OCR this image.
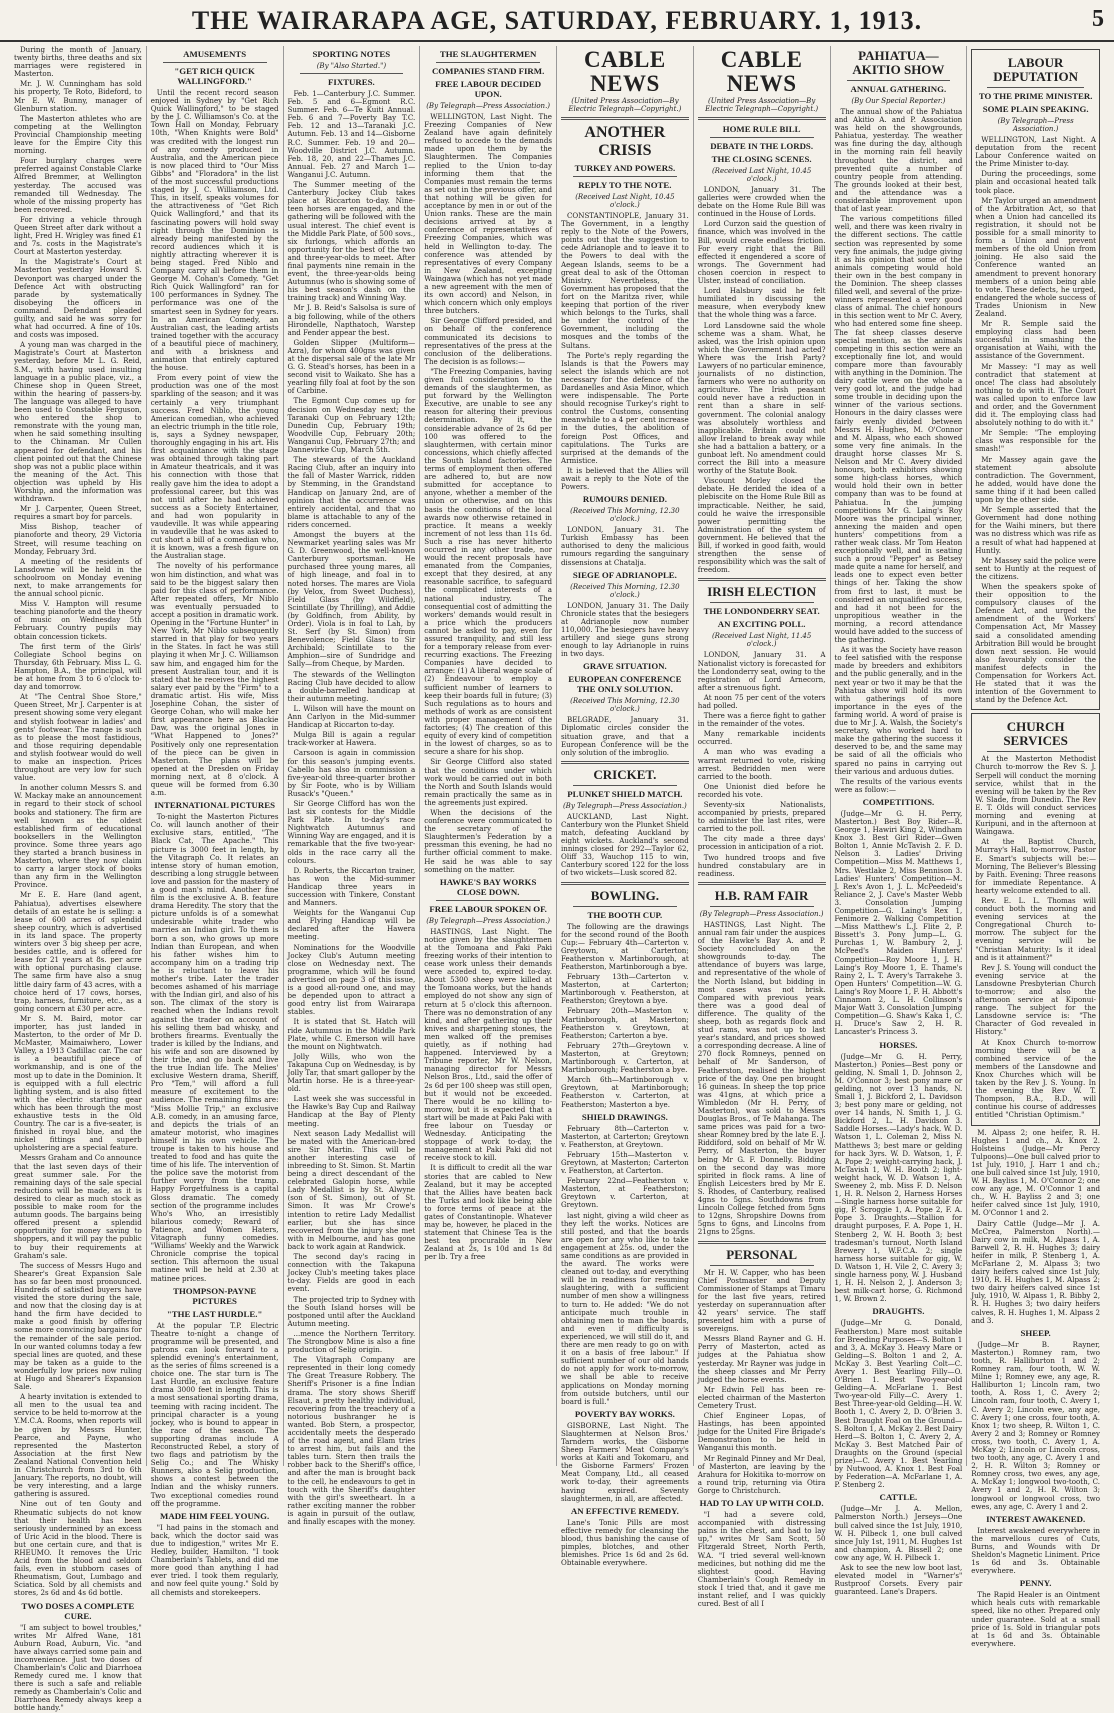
THE WAIRARAPA AGE, SATURDAY, FEBRUARY. 1, 1913.	5

During the month of January, twenty births, three deaths and six marriages were registered in Masterton.

Mr. J. W. Cunningham has sold his property, Te Roto, Bideford, to Mr E. W. Bunny, manager of Glenburn station.

The Masterton athletes who are competing at the Wellington Provincial Championship meeting leave for the Empire City this morning.

Four burglary charges were preferred against Constable Clarke Alfred Bremmer, at Wellington yesterday. The accused was remanded till Wednesday. The whole of the missing property has been recovered.

For driving a vehicle through Queen Street after dark without a light, Fred H. Wrigley was fined £1 and 7s. costs in the Magistrate's Court at Masterton yesterday.

In the Magistrate's Court at Masterton yesterday Howard S. Devonport was charged under the Defence Act with obstructing parade by systematically disobeying the officers in command. Defendant pleaded guilty, and said he was sorry for what had occurred. A fine of 10s. and costs was imposed.

A young man was charged in the Magistrate's Court at Masterton yesterday, before Mr L. G. Reid, S.M., with having used insulting language in a public place, viz., a Chinese shop in Queen Street, within the hearing of passers-by. The language was alleged to have been used to Constable Ferguson, who entered the shop to remonstrate with the young man, when he said something insulting to the Chinaman. Mr Cullen appeared for defendant, and his client pointed out that the Chinese shop was not a public place within the meaning of the Act. This objection was upheld by His Worship, and the information was withdrawn.

Mr J. Carpenter, Queen Street, requires a smart boy for parcels.

Miss Bishop, teacher of pianoforte and theory, 29 Victoria Street, will resume teaching on Monday, February 3rd.

A meeting of the residents of Lansdowne will be held in the schoolroom on Monday evening next, to make arrangements for the annual school picnic.

Miss V. Hampton will resume teaching pianoforte and the theory of music on Wednesday 5th February. Country pupils may obtain concession tickets.

The first term of the Girls' Collegiate School begins on Thursday, 6th February. Miss L. G. Hampton, B.A., the principal, will be at home from 3 to 6 o'clock to-day and tomorrow.

At "The Central Shoe Store," Queen Street, Mr J. Carpenter is at present showing some very elegant and stylish footwear in ladies' and gents' footwear. The range is such as to please the most fastidious, and those requiring dependable and stylish footwear would do well to make an inspection. Prices throughout are very low for such value.

In another column Messrs S. and W. Mackay make an announcement in regard to their stock of school books and stationery. The firm are well known as the oldest established firm of educational booksellers in the Wellington province. Some three years ago they started a branch business in Masterton, where they now claim to carry a larger stock of books than any firm in the Wellington Province.

Mr E. E. Hare (land agent, Pahiatua), advertises elsewhere details of an estate he is selling: a lease of 600 acres of splendid sheep country, which is advertised in its land space. The property winters over 3 big sheep per acre, besides cattle, and is offered for lease for 21 years at 8s. per acre with optional purchasing clause. The same firm have also a snug little dairy farm of 43 acres, with a choice herd of 17 cows, horses, trap, harness, furniture, etc., as a going concern at £30 per acre.

Mr S. M. Baird, motor car importer, has just landed in Masterton, to the order of Mr D. McMaster, Maimaiwhero, Lower Valley, a 1913 Cadillac car. The car is a beautiful piece of workmanship, and is one of the most up to date in the Dominion. It is equipped with a full electric lighting system, and is also fitted with the electric starting gear which has been through the most exhaustive tests in the Old Country. The car is a five-seater, is finished in royal blue, and the nickel fittings and superb upholstering are a special feature.

Messrs Graham and Co announce that the last seven days of their great summer sale. For the remaining days of the sale special reductions will be made, as it is desired to clear as much stock as possible to make room for the autumn goods. The bargains being offered present a splendid opportunity for money saving to shoppers, and it will pay the public to buy their requirements at Graham's sale.

The success of Messrs Hugo and Shearer's Great Expansion Sale has so far been most pronounced. Hundreds of satisfied buyers have visited the store during the sale, and now that the closing day is at hand the firm have decided to make a good finish by offering some more convincing bargains for the remainder of the sale period. In our wanted columns today a few special lines are quoted, and these may be taken as a guide to the wonderfully low prices now ruling at Hugo and Shearer's Expansion Sale.

A hearty invitation is extended to all men to the usual tea and service to be held to-morrow at the Y.M.C.A. Rooms, when reports will be given by Messrs Hunter, Pearce, and Payne, who represented the Masterton Association at the first New Zealand National Convention held in Christchurch from 3rd to 6th January. The reports, no doubt, will be very interesting, and a large gathering is assured.

Nine out of ten Gouty and Rheumatic subjects do not know that their health has been seriously undermined by an excess of Uric Acid in the blood. There is but one certain cure, and that is RHEUMO. It removes the Uric Acid from the blood and seldom fails, even in stubborn cases of Rheumatism, Gout, Lumbago and Sciatica. Sold by all chemists and stores, 2s 6d and 4s 6d bottle.

TWO DOSES A COMPLETE CURE.

"I am subject to bowel troubles," writes Mr Alfred Wane, 181 Auburn Road, Auburn, Vic. "and have always carried some pain and inconvenience. Just two doses of Chamberlain's Colic and Diarrhoea Remedy cured me. I know that there is such a safe and reliable remedy as Chamberlain's Colic and Diarrhoea Remedy always keep a bottle handy."

AMUSEMENTS
"GET RICH QUICK WALLINGFORD."

Until the recent record season enjoyed in Sydney by "Get Rich Quick Wallingford," to be staged by the J. C. Williamson's Co. at the Town Hall on Monday, February 10th, "When Knights were Bold" was credited with the longest run of any comedy produced in Australia, and the American piece is now placed third to "Our Miss Gibbs" and "Floradora" in the list of the most successful productions staged by J. C. Williamson, Ltd. This, in itself, speaks volumes for the attractiveness of "Get Rich Quick Wallingford," and that its fascinating powers will hold sway right through the Dominion is already being manifested by the record audiences which it is nightly attracting wherever it is being staged. Fred Niblo and Company carry all before them in George M. Cohan's Comedy. "Get Rich Quick Wallingford" ran for 100 performances in Sydney. The performance was one of the smartest seen in Sydney for years. In an American Comedy, an Australian cast, the leading artists trained together with the accuracy of a beautiful piece of machinery, and with a briskness and animation that entirely captured the house.

From every point of view the production was one of the most sparkling of the season; and it was certainly a very triumphant success. Fred Niblo, the young American comedian, who achieved an electric triumph in the title role, is, says a Sydney newspaper, thoroughly engaging in his art. His first acquaintance with the stage was obtained through taking part in Amateur theatricals, and it was his connection with those that really gave him the idea to adopt a professional career, but this was not until after he had achieved success as a Society Entertainer, and had won popularity in vaudeville. It was while appearing in vaudeville that he was asked to cut short a bill of a comedian who, it is known, was a fresh figure on the Australian stage.

The novelty of his performance won him distinction, and what was said to be the biggest salary then paid for this class of performance. After repeated offers, Mr Niblo was eventually persuaded to accept a position in dramatic work. Opening in the "Fortune Hunter" in New York, Mr Niblo subsequently starred in that play for two years in the States. In fact he was still playing it when Mr J. C. Williamson saw him, and engaged him for the present Australian tour, and it is stated that he receives the highest salary ever paid by the "Firm" to a dramatic artist. His wife, Miss Josephine Cohan, the sister of George Cohan, who will make her first appearance here as Blackie Daw, was the original Jones in "What Happened to Jones?" Positively only one representation of the piece can be given in Masterton. The plans will be opened at the Dresden on Friday morning next, at 8 o'clock. A queue will be formed from 6.30 a.m.

INTERNATIONAL PICTURES

To-night the Masterton Pictures Co. will launch another of their exclusive stars, entitled, "The Black Cat, The Apache." This picture is 3000 feet in length, by the Vitagraph Co. It relates an intense story of human emotion, describing a long struggle between love and passion for the mastery of a good man's mind. Another fine film is the exclusive A. B. feature drama Heredity. The story that the picture unfolds is of a somewhat undesirable white trader who marries an Indian girl. To them is born a son, who grows up more Indian than European, and when his father wishes him to accompany him on a trading trip he is reluctant to leave his mother's tribe. Later the trader becomes ashamed of his marriage with the Indian girl, and also of his son. The climax of the story is reached when the Indians revolt against the trader on account of his selling them bad whisky, and brothers firearms. Eventually the trader is killed by the Indians, and his wife and son are disowned by their tribe, and go back and live the true Indian life. The Melies' exclusive Western drama, Sheriff, Pro "Tem," will afford a full measure of excitement to the audience. The remaining films are: "Miss Mollie Trip," an exclusive A.B. comedy, in an amusing farce, and depicts the trials of an amateur motorist, who imagines himself in his own vehicle. The troupe is taken to his house and treated to food and has quite the time of his life. The intervention of the police save the motorist from further worry from the tramp. Happy Forgetfulness is a capital Gloss dramatic. The comedy section of the programme includes Who's Who, an irresistibly hilarious comedy; Reward of Patience, and Women Haters, Vitagraph funny comedies. "Williams' Weekly and the Warwick Chronicle comprise the topical section. This afternoon the usual matinee will be held at 2.30 at matinee prices.

THOMPSON-PAYNE PICTURES
"THE LAST HURDLE."

At the popular T.P. Electric Theatre to-night a change of programme will be presented, and patrons can look forward to a splendid evening's entertainment, as the series of films screened is a choice one. The star turn is The Last Hurdle, an exclusive feature drama 3000 feet in length. This is a most sensational sporting drama, teeming with racing incident. The principal character is a young jockey, who is bound to appear in the race of the season. The supporting dramas include A Reconstructed Rebel, a story of two flags and patriotism by the Selig Co.; and The Whisky Runners, also a Selig production, shows a contest between the Indian and the whisky runners. Two exceptional comedies round off the programme.

MADE HIM FEEL YOUNG.

"I had pains in the stomach and back, which the doctor said was due to indigestion," writes Mr E. Hedley, builder, Hamilton. "I took Chamberlain's Tablets, and did me more good than anything I had ever tried. I took them regularly, and now feel quite young." Sold by all chemists and storekeepers.

SPORTING NOTES
(By "Also Started.")
FIXTURES.

Feb. 1—Canterbury J.C. Summer. Feb. 5 and 6—Egmont R.C. Summer. Feb. 6—Te Kuiti Annual. Feb. 6 and 7—Poverty Bay T.C. Feb. 12 and 13—Taranaki J.C. Autumn. Feb. 13 and 14—Gisborne R.C. Summer. Feb. 19 and 20—Woodville District J.C. Autumn. Feb. 18, 20, and 22—Thames J.C. Annual. Feb. 27 and March 1—Wanganui J.C. Autumn.

The Summer meeting of the Canterbury Jockey Club takes place at Riccarton to-day. Nine-teen horses are engaged, and the gathering will be followed with the usual interest. The chief event is the Middle Park Plate, of 500 sovs., six furlongs, which affords an opportunity for the best of the two and three-year-olds to meet. After final payments nine remain in the event, the three-year-olds being Autumnus (who is showing some of his best season's dash on the training track) and Winning Way.

Mr J. B. Reid's Salsolsa is sure of a big following, while of the others Hirondelle, Napthatoch, Warstep and Fender appear the best.

Golden Slipper (Multiform—Azra), for whom 400gns was given at the dispersal sale of the late Mr G. G. Stead's horses, has been in a second visit to Waikato. She has a yearling filly foal at foot by the son of Carbine.

The Egmont Cup comes up for decision on Wednesday next; the Taranaki Cup on February 12th; Dunedin Cup, February 19th; Woodville Cup, February 20th; Wanganui Cup, February 27th; and Dannevirke Cup, March 5th.

The stewards of the Auckland Racing Club, after an inquiry into the fall of Master Warrick, ridden by Stemming, in the Grandstand Handicap on January 2nd, are of opinion that the occurrence was entirely accidental, and that no blame is attachable to any of the riders concerned.

Amongst the buyers at the Newmarket yearling sales was Mr G. D. Greenwood, the well-known Canterbury sportsman. He purchased three young mares, all of high lineage, and foal in to noted horses. The mares are Viola (by Velox, from Sweet Duchess), Field Glass (by Wildfield), Scintillate (by Thrilling), and Addie (by Goldfinch, from Ability, by Order). Viola is in foal to Lah, by St. Serf (by St. Simon) from Benevolence; Field Glass to Sir Archibald; Scintillate to the Amphion—sire of Sundridge and Sally—from Cheque, by Marden.

The stewards of the Wellington Racing Club have decided to allow a double-barrelled handicap at their autumn meeting.

L. Wilson will have the mount on Ann Carlyon in the Mid-summer Handicap at Riccarton to-day.

Mulga Bill is again a regular track-worker at Hawera.

Carsoon is again in commission for this season's jumping events. Cabello has also in commission a five-year-old three-quarter brother by Sir Foote, who is by William Rusack's "Queen."

Sir George Clifford has won the last six contests for the Middle Park Plate. In to-day's race Nightwatch Autumnus and Winning Way are engaged, and it is remarkable that the five two-year-olds in the race carry all the colours.

D. Roberts, the Riccarton trainer, has won the Mid-summer Handicap three years in succession with Tinkere, Constant and Manners.

Weights for the Wanganui Cup and Flying Handicap will be declared after the Hawera meeting.

Nominations for the Woodville Jockey Club's Autumn meeting close on Wednesday next. The programme, which will be found advertised on page 3 of this issue, is a good all-round one, and may be depended upon to attract a good entry list from Wairarapa stables.

It is stated that St. Hatch will ride Autumnus in the Middle Park Plate, while C. Emerson will have the mount on Nightwatch.

Jolly Wills, who won the Takapuna Cup on Wednesday, is by Jolly Tar, that smart galloper by the Martin horse. He is a three-year-old.

Last week she was successful in the Hawke's Bay Cup and Railway Handicap at the Bay of Plenty meeting.

Next season Lady Medallist will be mated with the American-bred sire Sir Martin. This will be another interesting case of inbreeding to St. Simon. St. Martin being a direct descendant of the celebrated Galopin horse, while Lady Medallist is by St. Alwyne (son of St. Simon), out of St. Simon. It was Mr Crowe's intention to retire Lady Medallist earlier, but she has since recovered from the injury she met with in Melbourne, and has gone back to work again at Randwick.

The second day's racing in connection with the Takapuna Jockey Club's meeting takes place to-day. Fields are good in each event.

The projected trip to Sydney with the South Island horses will be postponed until after the Auckland Autumn meeting.

...mence the Northern Territory. The Strongbow Mine is also a fine production of Selig origin.

The Vitagraph Company are represented in their long comedy The Great Treasure Robbery. The Sheriff's Prisoner is a fine Indian drama. The story shows Sheriff Elsaut, a pretty healthy individual, recovering from the treachery of a notorious bushranger he is wanted. Bob Stern, a prospector, accidentally meets the desperado of the road agent, and Elam tries to arrest him, but fails and the tables turn. Stern then trails the robber back to the Sheriff's office, and after the man is brought back to the cell, he endeavours to get in touch with the Sheriff's daughter with the girl's sweetheart. In a rather exciting manner the robber is again in pursuit of the outlaw, and finally escapes with the money.

THE SLAUGHTERMEN
COMPANIES STAND FIRM.
FREE LABOUR DECIDED UPON.
(By Telegraph—Press Association.)

WELLINGTON, Last Night. The Freezing Companies of New Zealand have again definitely refused to accede to the demands made upon them by the Slaughtermen. The Companies replied to the Union to-day informing them that the Companies must remain the terms as set out in the previous offer, and that nothing will be given for acceptance by men in or out of the Union ranks. These are the main decisions arrived at by a conference of representatives of Freezing Companies, which was held in Wellington to-day. The conference was attended by representatives of every Company in New Zealand, excepting Waingawa (which has not yet made a new agreement with the men of its own accord) and Nelson, in which concern which only employs three butchers.

Sir George Clifford presided, and on behalf of the conference communicated its decisions to representatives of the press at the conclusion of the deliberations. The decision is as follows:—

"The Freezing Companies, having given full consideration to the demands of the slaughtermen, as put forward by the Wellington Executive, are unable to see any reason for altering their previous determination. By it, the considerable advance of 2s 6d per 100 was offered to the slaughtermen, with certain minor concessions, which chiefly affected the South Island factories. The terms of employment then offered are adhered to, but are now submitted for acceptance to anyone, whether a member of the union or otherwise, and on this basis the conditions of the local awards now otherwise retained in practice. It means a weekly increment of not less than 11s 6d. Such a rise has never hitherto occurred in any other trade, nor would the recent proposals have emanated from the Companies, except that they desired, at any reasonable sacrifice, to safeguard the complicated interests of a national industry. The consequential cost of admitting the workers' demands would result in a price which the producers cannot be asked to pay, even for assured tranquility, and still less for a temporary release from ever-recurring exactions. The Freezing Companies have decided to arrange: (1) A liberal wage scale of (2) Endeavour to employ a sufficient number of learners to keep their boards full in future; (3) Such regulations as to hours and methods of work as are consistent with proper management of the factories; (4) The creation of this equity of every kind of competition in the lowest of charges, so as to secure a share for his shop.

Sir George Clifford also stated that the conditions under which work would be carried out in both the North and South Islands would remain practically the same as in the agreements just expired.

When the decisions of the conference were communicated to the secretary of the Slaughtermen's Federation by a pressman this evening, he had no further official comment to make. He said he was able to say something on the matter.

HAWKE'S BAY WORKS CLOSE DOWN.
FREE LABOUR SPOKEN OF.
(By Telegraph—Press Association.)

HASTINGS, Last Night. The notice given by the slaughtermen at the Tomoana and Paki Paki freezing works of their intention to cease work unless their demands were acceded to, expired to-day. About 5300 sheep were killed at the Tomoana works, but the hands employed do not show any sign of return at 5 o'clock this afternoon. There was no demonstration of any kind, and after gathering up their knives and sharpening stones, the men walked off the premises quietly, as if nothing had happened. Interviewed by a Tribune reporter, Mr W. Nelson, managing director for Messrs Nelson Bros., Ltd., said the offer of 2s 6d per 100 sheep was still open, but it would not be exceeded. There would be no killing to-morrow, but it is expected that a start will be made at Paki Paki with free labour on Tuesday or Wednesday. Anticipating the stoppage of work to-day, the management at Paki Paki did not receive stock to kill.

It is difficult to credit all the war stories that are cabled to New Zealand, but it may be accepted that the Allies have beaten back the Turks and look like being able to force terms of peace at the gates of Constantinople. Whatever may be, however, he placed in the statement that Chinese Tea is the best tea procurable in New Zealand at 2s, 1s 10d and 1s 8d per lb. Try a free

CABLE NEWS
(United Press Association—By Electric Telegraph—Copyright.)
ANOTHER CRISIS
TURKEY AND POWERS.
REPLY TO THE NOTE.
(Received Last Night, 10.45 o'clock.)

CONSTANTINOPLE, January 31. The Government, in a lengthy reply to the Note of the Powers, points out that the suggestion to cede Adrianople and to leave it to the Powers to deal with the Aegean Islands, seems to be a great deal to ask of the Ottoman Ministry. Nevertheless, the Government has proposed that the fort on the Maritza river, while keeping that portion of the river which belongs to the Turks, shall be under the control of the Government, including the mosques and the tombs of the Sultans.

The Porte's reply regarding the Islands is that the Powers may select the islands which are not necessary for the defence of the Dardanelles and Asia Minor, which were indispensable. The Porte should recognise Turkey's right to control the Customs, consenting meanwhile to a 4 per cent increase in the duties, the abolition of foreign Post Offices, and capitulations. The Turks are surprised at the demands of the Armistice.

It is believed that the Allies will await a reply to the Note of the Powers.

RUMOURS DENIED.
(Received This Morning, 12.30 o'clock.)

LONDON, January 31. The Turkish Embassy has been authorised to deny the malicious rumours regarding the sanguinary dissensions at Chatalja.

SIEGE OF ADRIANOPLE.
(Received This Morning, 12.30 o'clock.)

LONDON, January 31. The Daily Chronicle states that the besiegers at Adrianople now number 110,000. The besiegers have heavy artillery and siege guns strong enough to lay Adrianople in ruins in two days.

GRAVE SITUATION.
EUROPEAN CONFERENCE THE ONLY SOLUTION.
(Received This Morning, 12.30 o'clock.)

BELGRADE, January 31. Diplomatic circles consider the situation grave, and that a European Conference will be the only solution of the imbroglio.

CRICKET.
PLUNKET SHIELD MATCH.
(By Telegraph—Press Association.)

AUCKLAND, Last Night. Canterbury won the Plunket Shield match, defeating Auckland by eight wickets. Auckland's second innings closed for 292—Taylor 62, Oliff 33, Wauchop 115 to win, Canterbury scored 122 for the loss of two wickets—Lusk scored 82.

BOWLING.
THE BOOTH CUP.

The following are the drawings for the second round of the Booth Cup:— February 4th—Carterton v. Greytown, at Carterton; Featherston v. Martinborough, at Featherston, Martinborough a bye.

February 13th—Carterton v. Masterton, at Carterton; Martinborough v. Featherston, at Featherston; Greytown a bye.

February 20th—Masterton v. Martinborough, at Masterton; Featherston v. Greytown, at Featherston; Carterton a bye.

February 27th—Greytown v. Masterton, at Greytown; Martinborough v. Carterton, at Martinborough; Featherston a bye.

March 6th—Martinborough v. Greytown, at Martinborough; Featherston v. Carterton, at Featherston; Masterton a bye.

SHIELD DRAWINGS.

February 8th—Carterton v. Masterton, at Carterton; Greytown v. Featherston, at Greytown.

February 15th—Masterton v. Greytown, at Masterton; Carterton v. Featherston, at Carterton.

February 22nd—Featherston v. Masterton, at Featherston; Greytown v. Carterton, at Greytown.

last night, giving a wild cheer as they left the works. Notices are still posted, and that the boards are open for any who like to take engagement at 25s. od, under the same conditions as are provided in the award. The works were cleaned out to-day, and everything will be in readiness for resuming slaughtering, with a sufficient number of men show a willingness to turn to. He added: "We do not anticipate much trouble in obtaining men to man the boards, and even if difficulty is experienced, we will still do it, and there are men ready to go on with it on a basis of free labour." If sufficient number of our old hands do not apply for work to-morrow, we shall be able to receive applications on Monday morning from outside butchers, until our board is full."

POVERTY BAY WORKS.

GISBORNE, Last Night. The Slaughtermen at Nelson Bros.' Tarndern works, the Gisborne Sheep Farmers' Meat Company's works at Kaiti and Tokomaru, and the Gisborne Farmers' Frozen Meat Company, Ltd., all ceased work to-day, their agreements having expired. Seventy slaughtermen, in all, are affected.

AN EFFECTIVE REMEDY.

Lane's Tonic Pills are most effective remedy for cleansing the blood, thus banishing the cause of pimples, blotches, and other blemishes. Price 1s 6d and 2s 6d. Obtainable everywhere.

CABLE NEWS
(United Press Association—By Electric Telegraph—Copyright.)
HOME RULE BILL
DEBATE IN THE LORDS.
THE CLOSING SCENES.
(Received Last Night, 10.45 o'clock.)

LONDON, January 31. The galleries were crowded when the debate on the Home Rule Bill was continued in the House of Lords.

Lord Curzon said the question of finance, which was involved in the Bill, would create endless friction. For every right that the Bill effected it engendered a score of wrongs. The Government had chosen coercion in respect to Ulster, instead of conciliation.

Lord Halsbury said he felt humiliated in discussing the measure, when everybody knew that the whole thing was a farce.

Lord Lansdowne said the whole scheme was a sham. What, he asked, was the Irish opinion upon which the Government had acted? Where was the Irish Party? Lawyers of no particular eminence, journalists of no distinction, farmers who were no authority on agriculture. The Irish peasant could never have a reduction in rent than a share in self-government. The colonial analogy was absolutely worthless and inapplicable. Britain could not allow Ireland to break away while she had a battalion a battery, or a gunboat left. No amendment could correct the Bill into a measure worthy of the Statute Book.

Viscount Morley closed the debate. He derided the idea of a plebiscite on the Home Rule Bill as impracticable. Neither, he said, could he waive the irresponsible power permitting the Administration of the system of government. He believed that the Bill, if worked in good faith, would strengthen the sense of responsibility which was the salt of freedom.

IRISH ELECTION
THE LONDONDERRY SEAT.
AN EXCITING POLL.
(Received Last Night, 11.45 o'clock.)

LONDON, January 31. A Nationalist victory is forecasted for the Londonderry seat, owing to the registration of Lord Arnecorn, after a strenuous fight.

At noon 75 per cent of the voters had polled.

There was a fierce fight to gather in the remainder of the votes.

Many remarkable incidents occurred.

A man who was evading a warrant returned to vote, risking arrest. Bedridden men were carried to the booth.

One Unionist died before he recorded his vote.

Seventy-six Nationalists, accompanied by priests, prepared to administer the last rites, were carried to the poll.

The city made a three days' procession in anticipation of a riot.

Two hundred troops and five hundred constabulary are in readiness.

H.B. RAM FAIR
(By Telegraph—Press Association.)

HASTINGS, Last Night. The annual ram fair under the auspices of the Hawke's Bay A. and P. Society concluded on the showgrounds to-day. The attendance of buyers was large, and representative of the whole of the North Island, but bidding in most cases was not brisk. Compared with previous years there was a good deal of difference. The quality of the sheep, both as regards flock and stud rams, was not up to last year's standard, and prices showed a corresponding decrease. A line of 270 flock Romneys, penned on behalf of Mr Sanderson, of Featherston, realised the highest price of the day. One pen brought 16 guineas. In sheep the top price was 41gns, at which price a Wimbledon (Mr H. Perry, of Masterton), was sold to Messrs Douglas Bros., of Te Mahanga. The same prices was paid for a two-shear Romney bred by the late E. J. Riddiford, sold on behalf of Mr W. Perry, of Masterton, the buyer being Mr G. F. Donnelly. Bidding on the second day was more spirited in flock rams. A line of English Leicesters bred by Mr E. S. Rhodes, of Canterbury, realised 4gns to 5gns. Southdowns from Lincoln College fetched from 5gns to 12gns, Shropshire Downs from 5gns to 6gns, and Lincolns from 21gns to 25gns.

PERSONAL

Mr H. W. Capper, who has been Chief Postmaster and Deputy Commissioner of Stamps at Timaru for the last five years, retired yesterday on superannuation after 42 years' service. The staff presented him with a purse of sovereigns.

Messrs Bland Rayner and G. H. Perry of Masterton, acted as judges at the Pahiatua show yesterday. Mr Rayner was judge in the sheep classes and Mr Perry judged the horse events.

Mr Edwin Fell has been re-elected chairman of the Masterton Cemetery Trust.

Chief Engineer Lopas, of Hastings, has been appointed judge for the United Fire Brigade's Demonstration to be held in Wanganui this month.

Mr Reginald Pinney and Mr Deal, of Masterton, are leaving by the Arahura for Hokitika to-morrow on a round trip, returning via Otira Gorge to Christchurch.

HAD TO LAY UP WITH COLD.

"I had a severe cold, accompanied with distressing pains in the chest, and had to lay up," writes Mr Sam Scott, 50 Fitzgerald Street, North Perth, W.A. "I tried several well-known medicines, but nothing did me the slightest good. Having Chamberlain's Cough Remedy in stock I tried that, and it gave me instant relief, and I was quickly cured. Best of all I

PAHIATUA—AKITIO SHOW
ANNUAL GATHERING.
(By Our Special Reporter.)

The annual show of the Pahiatua and Akitio A. and P. Association was held on the showgrounds, Pahiatua, yesterday. The weather was fine during the day, although in the morning rain fell heavily throughout the district, and prevented quite a number of country people from attending. The grounds looked at their best, and the attendance was a considerable improvement upon that of last year.

The various competitions filled well, and there was keen rivalry in the different sections. The cattle section was represented by some very fine animals, the judge giving it as his opinion that some of the animals competing would hold their own in the best company in the Dominion. The sheep classes filled well, and several of the prize-winners represented a very good class of animal. The chief honours in this section went to Mr C. Avery, who had entered some fine sheep. The fat sheep classes deserve special mention, as the animals competing in this section were an exceptionally fine lot, and would compare more than favourably with anything in the Dominion. The dairy cattle were on the whole a very good lot, and the judge had some trouble in deciding upon the winner of the various sections. Honours in the dairy classes were fairly evenly divided between Messrs H. Hughes, M. O'Connor and M. Alpass, who each showed some very fine animals. In the draught horse classes Mr S. Nelson and Mr C. Avery divided honours, both exhibitors showing some high-class horses, which would hold their own in better company than was to be found at Pahiatua. In the jumping competitions Mr G. Laing's Roy Moore was the principal winner, annexing the maiden and open hunters' competitions from a rather weak class. Mr Tom Heaton exceptionally well, and in seating such a proud "Pepper" as Betsey made quite a name for herself, and leads one to expect even better things of her. Taking the show from first to last, it must be considered an unqualified success, and had it not been for the unpropitious weather in the morning, a record attendance would have added to the success of the gathering.

As it was the Society have reason to feel satisfied with the response made by breeders and exhibitors and the public generally, and in the next year or two it may be that the Pahiatua show will hold its own with gatherings of more importance in the eyes of the farming world. A word of praise is due to Mr J. A. Walsh, the Society's secretary, who worked hard to make the gathering the success it deserved to be, and the same may be said of all the officials who spared no pains in carrying out their various and arduous duties.

The results of the various events were as follow:—

COMPETITIONS.

(Judge—Mr G. H. Perry, Masterton.) Best Boy Rider—R. George 1, Hawiri King 2, Windham Knox 3. Best Girl Rider—Gwen Bolton 1, Annie McTavish 2. F. D. Nelson 3. Ladies' Driving Competition—Miss M. Matthews 1, Mrs. Westlake 2, Miss Bennison 3. Ladies' Hunters' Competition—M. J. Rex's Avon 1, J. L. McPeedeid's Reliance 2, J. Cave's Master Webb 3. Consolation Jumping Competition—G. Laing's Rex 1, Fenimore 2. Walking Competition—Miss Matthew's L.J. Flite 2, P. Bissett's 3. Pony Jump—L. G. Purchas 1, W. Bambury 2, J. McPeed's Maiden Hunters' Competition—Roy Moore 1, J. H. Laing's Roy Moore 1, E. Thame's Rainy 2, L. T. Avery's Tarrakehe 3. Open Hunters' Competition—W. G. Laing's Roy Moore 1, F. H. Abbott's Cinnamon 2, L. H. Collinson's Major Watt 3. Consolation Jumping Competition—G. Shaw's Kaka 1, C. H. Druce's Saw 2, H. R. Lancaster's Princess 3.

HORSES.

(Judge—Mr G. H. Perry, Masterton.) Ponies—Best pony or gelding, N. Small 1, D. Johnson 2, M. O'Connor 3; best pony mare or gelding, not over 13 hands, N. Small 1, J. Bickford 2, L. Davidson 3; best pony mare or gelding, not over 14 hands, N. Smith 1, J. G. Bickford 2, L. H. Davidson 3. Saddle Horses.—Lady's hack, W. D. Watson 1, L. Coleman 2, Miss N. Matthews 3; best mare or gelding for hack 3yrs. W. D. Watson, 1, F. A. Pope 2; weight-carrying hack, J. McTavish 1, W. H. Booth 2; light-weight hack, W. D. Watson 1, A. Sweeney 2, mb. Miss F. D. Nelson 1, H. R. Nelson 2, Harness Horses—Single harness horse suitable for gig, P. Scroggie 1, A. Pope 2, F. A. Pope 3. Draughts.—Stallion for draught purposes, F. A. Pope 1, H. Stenberg 2, W. H. Booth 3; best tradesman's turnout, North Island Brewery 1, W.F.C.A. 2; single harness horse suitable for gig, W. D. Watson 1, H. Vile 2, C. Avery 3; single harness pony, W. J. Husband 1, H. H. Nelson 2, J. Anderson 3; best milk-cart horse, G. Richmond 1, W. Brown 2.

DRAUGHTS.

(Judge—Mr G. Donald, Featherston.) Mare most suitable for Breeding Purposes—S. Bolton 1 and 3, A. McKay 3. Heavy Mare or Gelding—S. Bolton 1 and 2, A. McKay 3. Best Yearling Colt—C. Avery 1. Best Yearling Filly—O. O'Brien 1. Best Two-year-old Gelding—A. McFarlane 1. Best Two-year-old Filly—C. Avery 1. Best Three-year-old Gelding—H. W. Booth 1, C. Avery 2, D. O'Brien 3. Best Draught Foal on the Ground—S. Bolton 1, A. McKay 2. Best Dairy Herd—S. Bolton 1, C. Avery 2, A. McKay 3. Best Matched Pair of Draughts on the Ground (special prize)—C. Avery 1. Best Yearling by Nutwood, A. Knox 1. Best Foal by Federation—A. McFarlane 1, A. P. Stenberg 2.

CATTLE.

(Judge—Mr J. A. Mellon, Palmerston North.) Jerseys—One bull calved since the 1st July, 1910, W. H. Pilbeck 1, one bull calved since July 1st, 1911, M. Hughes 1st and champion, A. Bissell 2; one cow any age, W. H. Pilbeck 1.

Ask to see the new low boot last, elevated model in "Warner's" Rustproof Corsets. Every pair guaranteed. Lane's Drapers.

LABOUR DEPUTATION
TO THE PRIME MINISTER.
SOME PLAIN SPEAKING.
(By Telegraph—Press Association.)

WELLINGTON, Last Night. A deputation from the recent Labour Conference waited on the Prime Minister to-day.

During the proceedings, some plain and occasional heated talk took place.

Mr Taylor urged an amendment of the Arbitration Act, so that when a Union had cancelled its registration, it should not be possible for a small minority to form a Union and prevent members of the old Union from joining. He also said the Conference wanted an amendment to prevent honorary members of a union being able to vote. These defects, he urged, endangered the whole success of Trades Unionism in New Zealand.

Mr R. Semple said the employing class had been successful in smashing the organisation at Waihi, with the assistance of the Government.

Mr Massey: "I may as well contradict that statement at once! The class had absolutely nothing to do with it. The Court was called upon to enforce law and order, and the Government did it. The employing class had absolutely nothing to do with it."

Mr Semple: "The employing class was responsible for the smash!"

Mr Massey again gave the statement absolute contradiction. The Government, he added, would have done the same thing if it had been called upon by the other side.

Mr Semple asserted that the Government had done nothing for the Waihi miners, but there was no distress which was rife as a result of what had happened at Huntly.

Mr Massey said the police were sent to Huntly at the request of the citizens.

When the speakers spoke of their opposition to the compulsory clauses of the Defence Act, and urged the amendment of the Workers' Compensation Act, Mr Massey said a consolidated amending Arbitration Bill would be brought down next session. He would also favourably consider the manifest defects in the Compensation for Workers Act. He stated that it was the intention of the Government to stand by the Defence Act.

CHURCH SERVICES

At the Masterton Methodist Church to-morrow the Rev S. J. Serpell will conduct the morning service, whilst that in the evening will be taken by the Rev W. Slade, from Dunedin. The Rev E. T. Olds will conduct services morning and evening at Kuripuni, and in the afternoon at Waingawa.

At the Baptist Church, Murray's Hall, to-morrow, Pastor E. Smart's subjects will be:—Morning, The Believer's Blessing by Faith. Evening: Three reasons for immediate Repentance. A hearty welcome extended to all.

Rev. E. L. L. Thomas will conduct both the morning and evening services at the Congregational Church to-morrow. The subject for the evening service will be "Christian Maturity: Is it ideal and is it attainment?"

Rev J. S. Young will conduct the evening service at the Lansdowne Presbyterian Church to-morrow; and also the afternoon service at Kiponui-range. The subject for the Lansdowne service is: "The Character of God revealed in History."

At Knox Church to-morrow morning there will be a combined service of the members of the Lansdowne and Knox Churches which will be taken by the Rev J. S. Young. In the evening the Rev W. T. Thompson, B.A., B.D., will continue his course of addresses entitled "Christian Optimism."

M. Alpass 2; one heifer, R. H. Hughes 1 and ch., A. Knox 2. Holsteins (Judge—Mr Percy Tulpoons)—One bull calved prior to 1st July, 1910, J. Harr 1 and ch.; one bull calved since 1st July, 1910, W. H. Bayliss 1, M. O'Connor 2; one cow any age, M. O'Connor 1 and ch., W. H. Bayliss 2 and 3; one heifer calved since 1st July, 1910, M. O'Connor 1 and 2.

Dairy Cattle (Judge—Mr J. A. McCrea, Palmerston North).—Dairy cow in milk, M. Alpass 1, A. Barwell 2, R. H. Hughes 3; dairy heifer in milk, P. Stenberg 1, A. McFarlane 2, M. Alpass 3; two dairy heifers calved since 1st July, 1910, R. H. Hughes 1, M. Alpass 2; two dairy heifers calved since 1st July, 1910, W. Alpass 1, R. Bibby 2, R. H. Hughes 3; two dairy heifers calves, R. H. Hughes 1, M. Alpass 2 and 3.

SHEEP.

(Judge—Mr B. Rayner, Masterton.) Romney ram, two tooth, R. Halliburton 1 and 2; Romney ram, four tooth, W. W. Milne 1; Romney ewe, any age, R. Halliburton 1; Lincoln ram, two tooth, A. Ross 1, C. Avery 2; Lincoln ram, four tooth, C. Avery 1, C. Avery 2; Lincoln ewe, any age, C. Avery 1; one cross, four tooth, A. Knox 1; two sheep, R. Wilton 1, C. Avery 2 and 3; Romney or Romney cross, two tooth, C. Avery 1, A. McKay 2; Lincoln or Lincoln cross, two tooth, any age, C. Avery 1 and 2, H. R. Wilton 3; Romney or Romney cross, two ewes, any age, A. McKay 1; longwool two-tooth, C. Avery 1 and 2, H. R. Wilton 3; longwool or longwool cross, two ewes, any age, C. Avery 1 and 2.

INTEREST AWAKENED.

Interest awakened everywhere in the marvellous cures of Cuts, Burns, and Wounds with Dr Sheldon's Magnetic Liniment. Price 1s 6d and 3s. Obtainable everywhere.

PENNY.

The Rapid Healer is an Ointment which heals cuts with remarkable speed, like no other. Prepared only under guarantee. Sold at a small price of 1s. Sold in triangular pots at 1s 6d and 3s. Obtainable everywhere.
